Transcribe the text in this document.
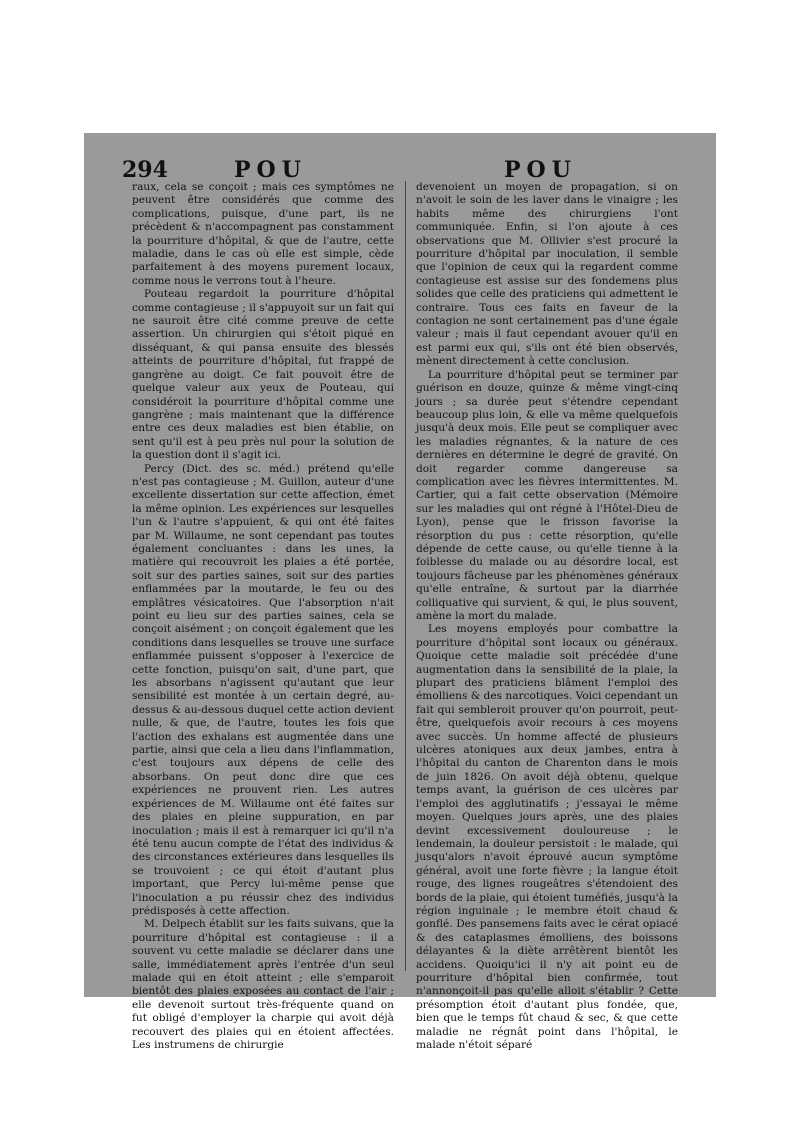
294	POU	POU

raux, cela se conçoit ; mais ces symptômes ne peuvent être considérés que comme des complications, puisque, d'une part, ils ne précèdent & n'accompagnent pas constamment la pourriture d'hôpital, & que de l'autre, cette maladie, dans le cas où elle est simple, cède parfaitement à des moyens purement locaux, comme nous le verrons tout à l'heure.

Pouteau regardoit la pourriture d'hôpital comme contagieuse ; il s'appuyoit sur un fait qui ne sauroit être cité comme preuve de cette assertion. Un chirurgien qui s'étoit piqué en disséquant, & qui pansa ensuite des blessés atteints de pourriture d'hôpital, fut frappé de gangrène au doigt. Ce fait pouvoit être de quelque valeur aux yeux de Pouteau, qui considéroit la pourriture d'hôpital comme une gangrène ; mais maintenant que la différence entre ces deux maladies est bien établie, on sent qu'il est à peu près nul pour la solution de la question dont il s'agit ici.

Percy (Dict. des sc. méd.) prétend qu'elle n'est pas contagieuse ; M. Guillon, auteur d'une excellente dissertation sur cette affection, émet la même opinion. Les expériences sur lesquelles l'un & l'autre s'appuient, & qui ont été faites par M. Willaume, ne sont cependant pas toutes également concluantes : dans les unes, la matière qui recouvroit les plaies a été portée, soit sur des parties saines, soit sur des parties enflammées par la moutarde, le feu ou des emplâtres vésicatoires. Que l'absorption n'ait point eu lieu sur des parties saines, cela se conçoit aisément ; on conçoit également que les conditions dans lesquelles se trouve une surface enflammée puissent s'opposer à l'exercice de cette fonction, puisqu'on sait, d'une part, que les absorbans n'agissent qu'autant que leur sensibilité est montée à un certain degré, au-dessus & au-dessous duquel cette action devient nulle, & que, de l'autre, toutes les fois que l'action des exhalans est augmentée dans une partie, ainsi que cela a lieu dans l'inflammation, c'est toujours aux dépens de celle des absorbans. On peut donc dire que ces expériences ne prouvent rien. Les autres expériences de M. Willaume ont été faites sur des plaies en pleine suppuration, en par inoculation ; mais il est à remarquer ici qu'il n'a été tenu aucun compte de l'état des individus & des circonstances extérieures dans lesquelles ils se trouvoient ; ce qui étoit d'autant plus important, que Percy lui-même pense que l'inoculation a pu réussir chez des individus prédisposés à cette affection.

M. Delpech établit sur les faits suivans, que la pourriture d'hôpital est contagieuse : il a souvent vu cette maladie se déclarer dans une salle, immédiatement après l'entrée d'un seul malade qui en étoit atteint ; elle s'emparoit bientôt des plaies exposées au contact de l'air ; elle devenoit surtout très-fréquente quand on fut obligé d'employer la charpie qui avoit déjà recouvert des plaies qui en étoient affectées. Les instrumens de chirurgie

devenoient un moyen de propagation, si on n'avoit le soin de les laver dans le vinaigre ; les habits même des chirurgiens l'ont communiquée. Enfin, si l'on ajoute à ces observations que M. Ollivier s'est procuré la pourriture d'hôpital par inoculation, il semble que l'opinion de ceux qui la regardent comme contagieuse est assise sur des fondemens plus solides que celle des praticiens qui admettent le contraire. Tous ces faits en faveur de la contagion ne sont certainement pas d'une égale valeur ; mais il faut cependant avouer qu'il en est parmi eux qui, s'ils ont été bien observés, mènent directement à cette conclusion.

La pourriture d'hôpital peut se terminer par guérison en douze, quinze & même vingt-cinq jours ; sa durée peut s'étendre cependant beaucoup plus loin, & elle va même quelquefois jusqu'à deux mois. Elle peut se compliquer avec les maladies régnantes, & la nature de ces dernières en détermine le degré de gravité. On doit regarder comme dangereuse sa complication avec les fièvres intermittentes. M. Cartier, qui a fait cette observation (Mémoire sur les maladies qui ont régné à l'Hôtel-Dieu de Lyon), pense que le frisson favorise la résorption du pus : cette résorption, qu'elle dépende de cette cause, ou qu'elle tienne à la foiblesse du malade ou au désordre local, est toujours fâcheuse par les phénomènes généraux qu'elle entraîne, & surtout par la diarrhée colliquative qui survient, & qui, le plus souvent, amène la mort du malade.

Les moyens employés pour combattre la pourriture d'hôpital sont locaux ou généraux. Quoique cette maladie soit précédée d'une augmentation dans la sensibilité de la plaie, la plupart des praticiens blâment l'emploi des émolliens & des narcotiques. Voici cependant un fait qui sembleroit prouver qu'on pourroit, peut-être, quelquefois avoir recours à ces moyens avec succès. Un homme affecté de plusieurs ulcères atoniques aux deux jambes, entra à l'hôpital du canton de Charenton dans le mois de juin 1826. On avoit déjà obtenu, quelque temps avant, la guérison de ces ulcères par l'emploi des agglutinatifs ; j'essayai le même moyen. Quelques jours après, une des plaies devint excessivement douloureuse ; le lendemain, la douleur persistoit : le malade, qui jusqu'alors n'avoit éprouvé aucun symptôme général, avoit une forte fièvre ; la langue étoit rouge, des lignes rougeâtres s'étendoient des bords de la plaie, qui étoient tuméfiés, jusqu'à la région inguinale ; le membre étoit chaud & gonflé. Des pansemens faits avec le cérat opiacé & des cataplasmes émolliens, des boissons délayantes & la diète arrêtèrent bientôt les accidens. Quoiqu'ici il n'y ait point eu de pourriture d'hôpital bien confirmée, tout n'annonçoit-il pas qu'elle alloit s'établir ? Cette présomption étoit d'autant plus fondée, que, bien que le temps fût chaud & sec, & que cette maladie ne régnât point dans l'hôpital, le malade n'étoit séparé
